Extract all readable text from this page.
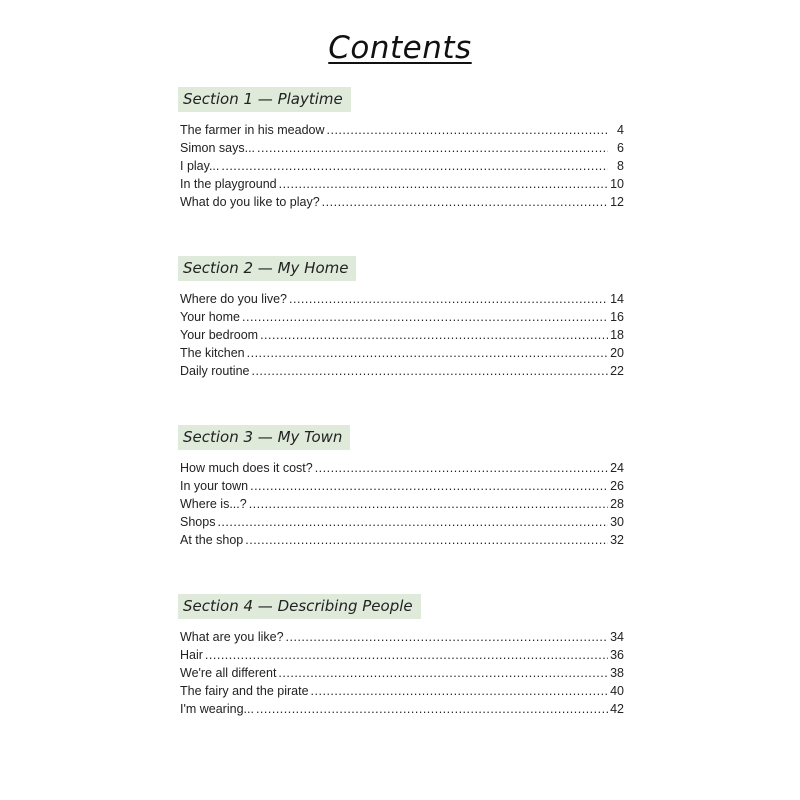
Contents
Section 1 — Playtime
The farmer in his meadow .....	4
Simon says... .....	6
I play... .....	8
In the playground .....	10
What do you like to play? .....	12
Section 2 — My Home
Where do you live? .....	14
Your home .....	16
Your bedroom .....	18
The kitchen .....	20
Daily routine .....	22
Section 3 — My Town
How much does it cost? .....	24
In your town .....	26
Where is...? .....	28
Shops .....	30
At the shop .....	32
Section 4 — Describing People
What are you like? .....	34
Hair .....	36
We're all different .....	38
The fairy and the pirate .....	40
I'm wearing... .....	42
